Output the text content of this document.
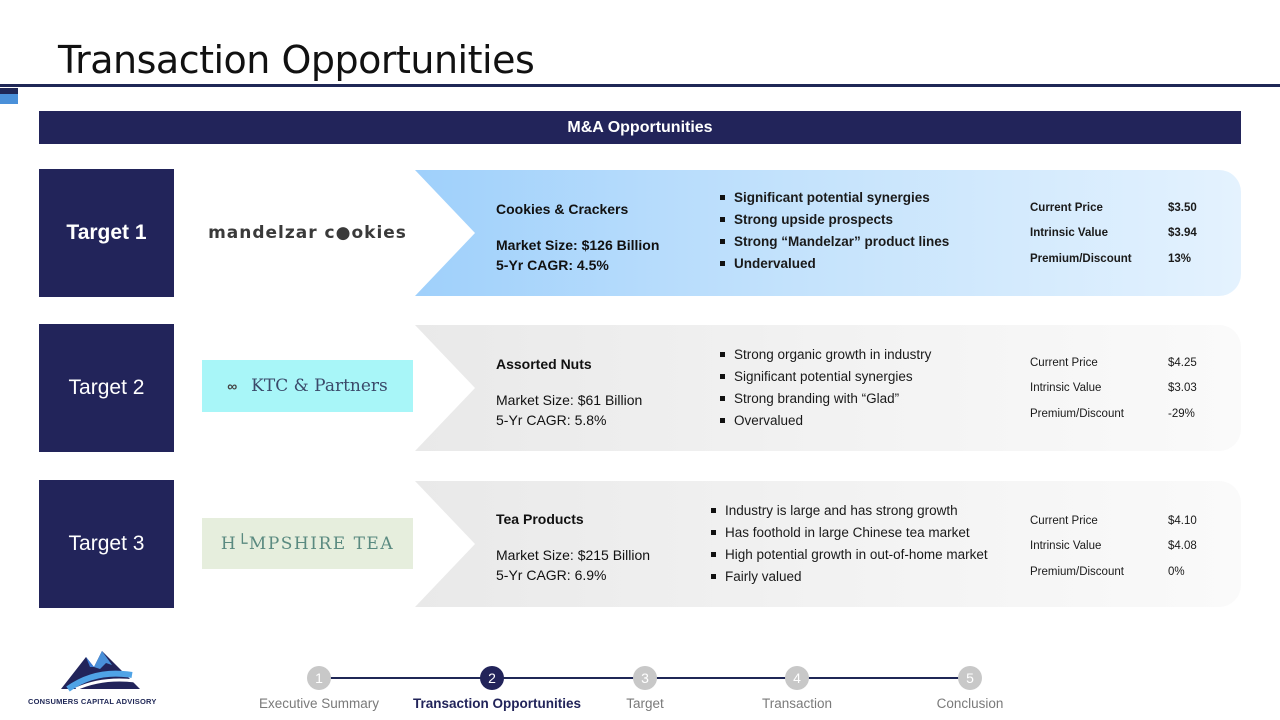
Transaction Opportunities
M&A Opportunities
Target 1	mandelzar c●okies
Cookies & Crackers
Market Size: $126 Billion
5-Yr CAGR: 4.5%
Significant potential synergies
Strong upside prospects
Strong “Mandelzar” product lines
Undervalued
Current Price	$3.50
Intrinsic Value	$3.94
Premium/Discount	13%
Target 2	∞ KTC & Partners
Assorted Nuts
Market Size: $61 Billion
5-Yr CAGR: 5.8%
Strong organic growth in industry
Significant potential synergies
Strong branding with “Glad”
Overvalued
Current Price	$4.25
Intrinsic Value	$3.03
Premium/Discount	-29%
Target 3	H└MPSHIRE TEA
Tea Products
Market Size: $215 Billion
5-Yr CAGR: 6.9%
Industry is large and has strong growth
Has foothold in large Chinese tea market
High potential growth in out-of-home market
Fairly valued
Current Price	$4.10
Intrinsic Value	$4.08
Premium/Discount	0%
CONSUMERS CAPITAL ADVISORY
1	2	3	4	5
Executive Summary	Transaction Opportunities	Target	Transaction	Conclusion
